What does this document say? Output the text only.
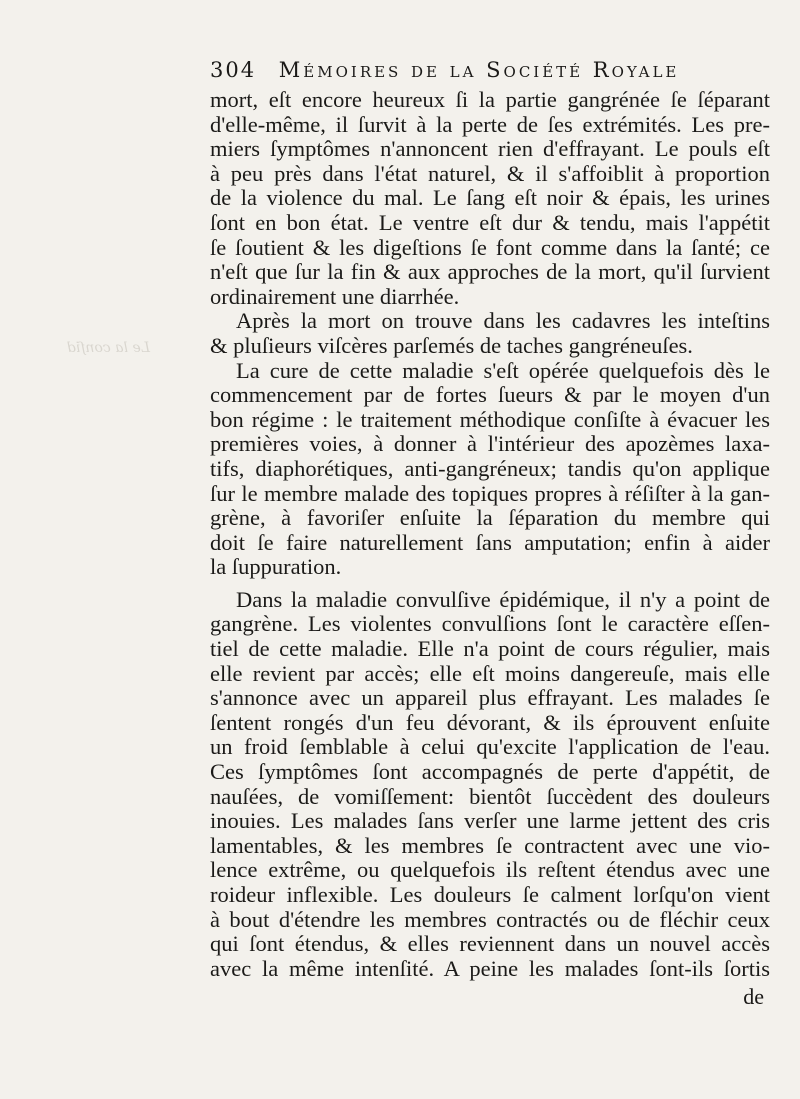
Le la conſid
304 Mémoires de la Société Royale
mort, eſt encore heureux ſi la partie gangrénée ſe ſéparant
d'elle-même, il ſurvit à la perte de ſes extrémités. Les pre-
miers ſymptômes n'annoncent rien d'effrayant. Le pouls eſt
à peu près dans l'état naturel, & il s'affoiblit à proportion
de la violence du mal. Le ſang eſt noir & épais, les urines
ſont en bon état. Le ventre eſt dur & tendu, mais l'appétit
ſe ſoutient & les digeſtions ſe font comme dans la ſanté; ce
n'eſt que ſur la fin & aux approches de la mort, qu'il ſurvient
ordinairement une diarrhée.
Après la mort on trouve dans les cadavres les inteſtins
& pluſieurs viſcères parſemés de taches gangréneuſes.
La cure de cette maladie s'eſt opérée quelquefois dès le
commencement par de fortes ſueurs & par le moyen d'un
bon régime : le traitement méthodique conſiſte à évacuer les
premières voies, à donner à l'intérieur des apozèmes laxa-
tifs, diaphorétiques, anti-gangréneux; tandis qu'on applique
ſur le membre malade des topiques propres à réſiſter à la gan-
grène, à favoriſer enſuite la ſéparation du membre qui
doit ſe faire naturellement ſans amputation; enfin à aider
la ſuppuration.
Dans la maladie convulſive épidémique, il n'y a point de
gangrène. Les violentes convulſions ſont le caractère eſſen-
tiel de cette maladie. Elle n'a point de cours régulier, mais
elle revient par accès; elle eſt moins dangereuſe, mais elle
s'annonce avec un appareil plus effrayant. Les malades ſe
ſentent rongés d'un feu dévorant, & ils éprouvent enſuite
un froid ſemblable à celui qu'excite l'application de l'eau.
Ces ſymptômes ſont accompagnés de perte d'appétit, de
nauſées, de vomiſſement: bientôt ſuccèdent des douleurs
inouies. Les malades ſans verſer une larme jettent des cris
lamentables, & les membres ſe contractent avec une vio-
lence extrême, ou quelquefois ils reſtent étendus avec une
roideur inflexible. Les douleurs ſe calment lorſqu'on vient
à bout d'étendre les membres contractés ou de fléchir ceux
qui ſont étendus, & elles reviennent dans un nouvel accès
avec la même intenſité. A peine les malades ſont-ils ſortis
de
